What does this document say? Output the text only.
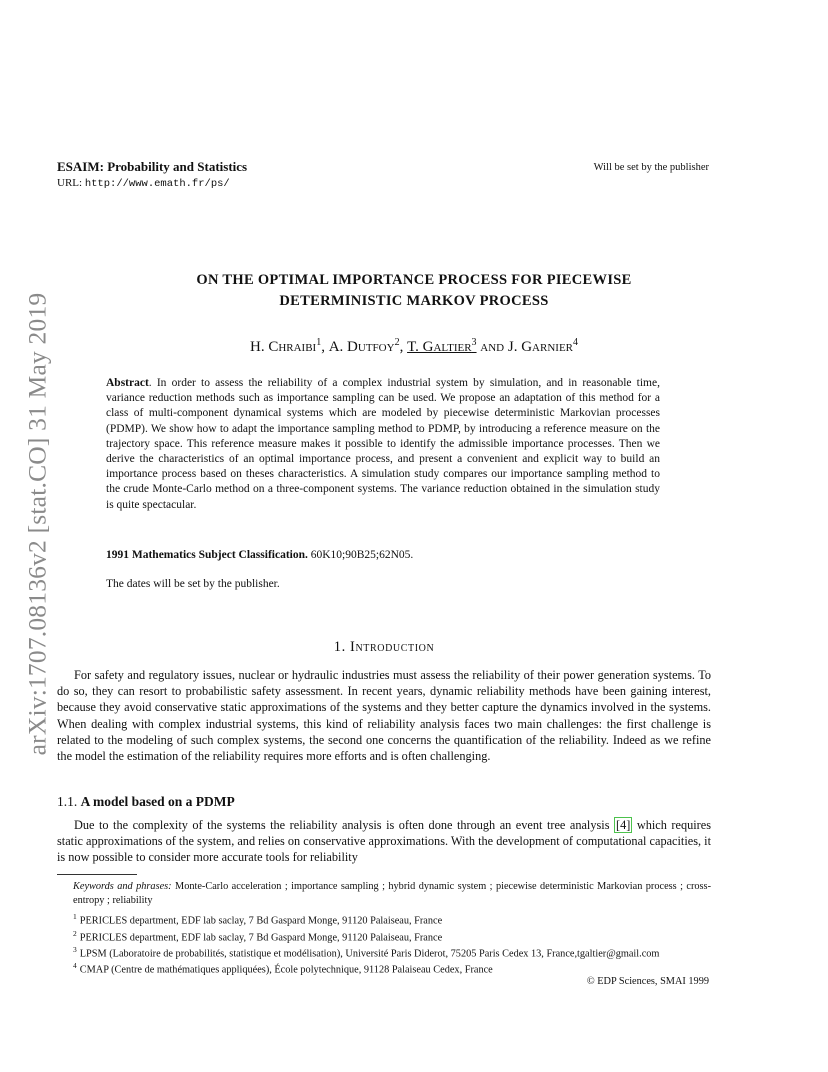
arXiv:1707.08136v2 [stat.CO] 31 May 2019
ESAIM: Probability and Statistics
URL: http://www.emath.fr/ps/
Will be set by the publisher
ON THE OPTIMAL IMPORTANCE PROCESS FOR PIECEWISE
DETERMINISTIC MARKOV PROCESS
H. Chraibi$^1$, A. Dutfoy$^2$, T. Galtier$^3$ and J. Garnier$^4$
Abstract. In order to assess the reliability of a complex industrial system by simulation, and in reasonable time, variance reduction methods such as importance sampling can be used. We propose an adaptation of this method for a class of multi-component dynamical systems which are modeled by piecewise deterministic Markovian processes (PDMP). We show how to adapt the importance sampling method to PDMP, by introducing a reference measure on the trajectory space. This reference measure makes it possible to identify the admissible importance processes. Then we derive the characteristics of an optimal importance process, and present a convenient and explicit way to build an importance process based on theses characteristics. A simulation study compares our importance sampling method to the crude Monte-Carlo method on a three-component systems. The variance reduction obtained in the simulation study is quite spectacular.
1991 Mathematics Subject Classification. 60K10;90B25;62N05.
The dates will be set by the publisher.
1. Introduction

For safety and regulatory issues, nuclear or hydraulic industries must assess the reliability of their power generation systems. To do so, they can resort to probabilistic safety assessment. In recent years, dynamic reliability methods have been gaining interest, because they avoid conservative static approximations of the systems and they better capture the dynamics involved in the systems. When dealing with complex industrial systems, this kind of reliability analysis faces two main challenges: the first challenge is related to the modeling of such complex systems, the second one concerns the quantification of the reliability. Indeed as we refine the model the estimation of the reliability requires more efforts and is often challenging.

1.1. A model based on a PDMP

Due to the complexity of the systems the reliability analysis is often done through an event tree analysis [4] which requires static approximations of the system, and relies on conservative approximations. With the development of computational capacities, it is now possible to consider more accurate tools for reliability

Keywords and phrases: Monte-Carlo acceleration ; importance sampling ; hybrid dynamic system ; piecewise deterministic Markovian process ; cross-entropy ; reliability
$^1$ PERICLES department, EDF lab saclay, 7 Bd Gaspard Monge, 91120 Palaiseau, France
$^2$ PERICLES department, EDF lab saclay, 7 Bd Gaspard Monge, 91120 Palaiseau, France
$^3$ LPSM (Laboratoire de probabilités, statistique et modélisation), Université Paris Diderot, 75205 Paris Cedex 13, France,tgaltier@gmail.com
$^4$ CMAP (Centre de mathématiques appliquées), École polytechnique, 91128 Palaiseau Cedex, France
© EDP Sciences, SMAI 1999
